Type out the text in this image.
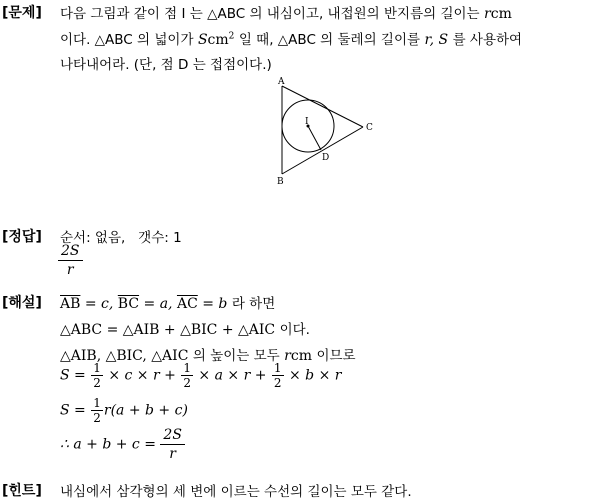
[문제] 다음 그림과 같이 점 I 는 △ABC 의 내심이고, 내접원의 반지름의 길이는 rcm
이다. △ABC 의 넓이가 Scm$^2$ 일 때, △ABC 의 둘레의 길이를 r, S 를 사용하여
나타내어라. (단, 점 D 는 접점이다.)
A
B
C
I
D
[정답] 순서: 없음, 갯수: 1
$\frac{2S}{r}$
[해설] $\overline{AB} = c$, $\overline{BC} = a$, $\overline{AC} = b$ 라 하면
△ABC = △AIB + △BIC + △AIC 이다.
△AIB, △BIC, △AIC 의 높이는 모두 rcm 이므로
$S = \frac{1}{2} \times c \times r + \frac{1}{2} \times a \times r + \frac{1}{2} \times b \times r$
$S = \frac{1}{2} r(a + b + c)$
∴ $a + b + c = \frac{2S}{r}$
[힌트] 내심에서 삼각형의 세 변에 이르는 수선의 길이는 모두 같다.
